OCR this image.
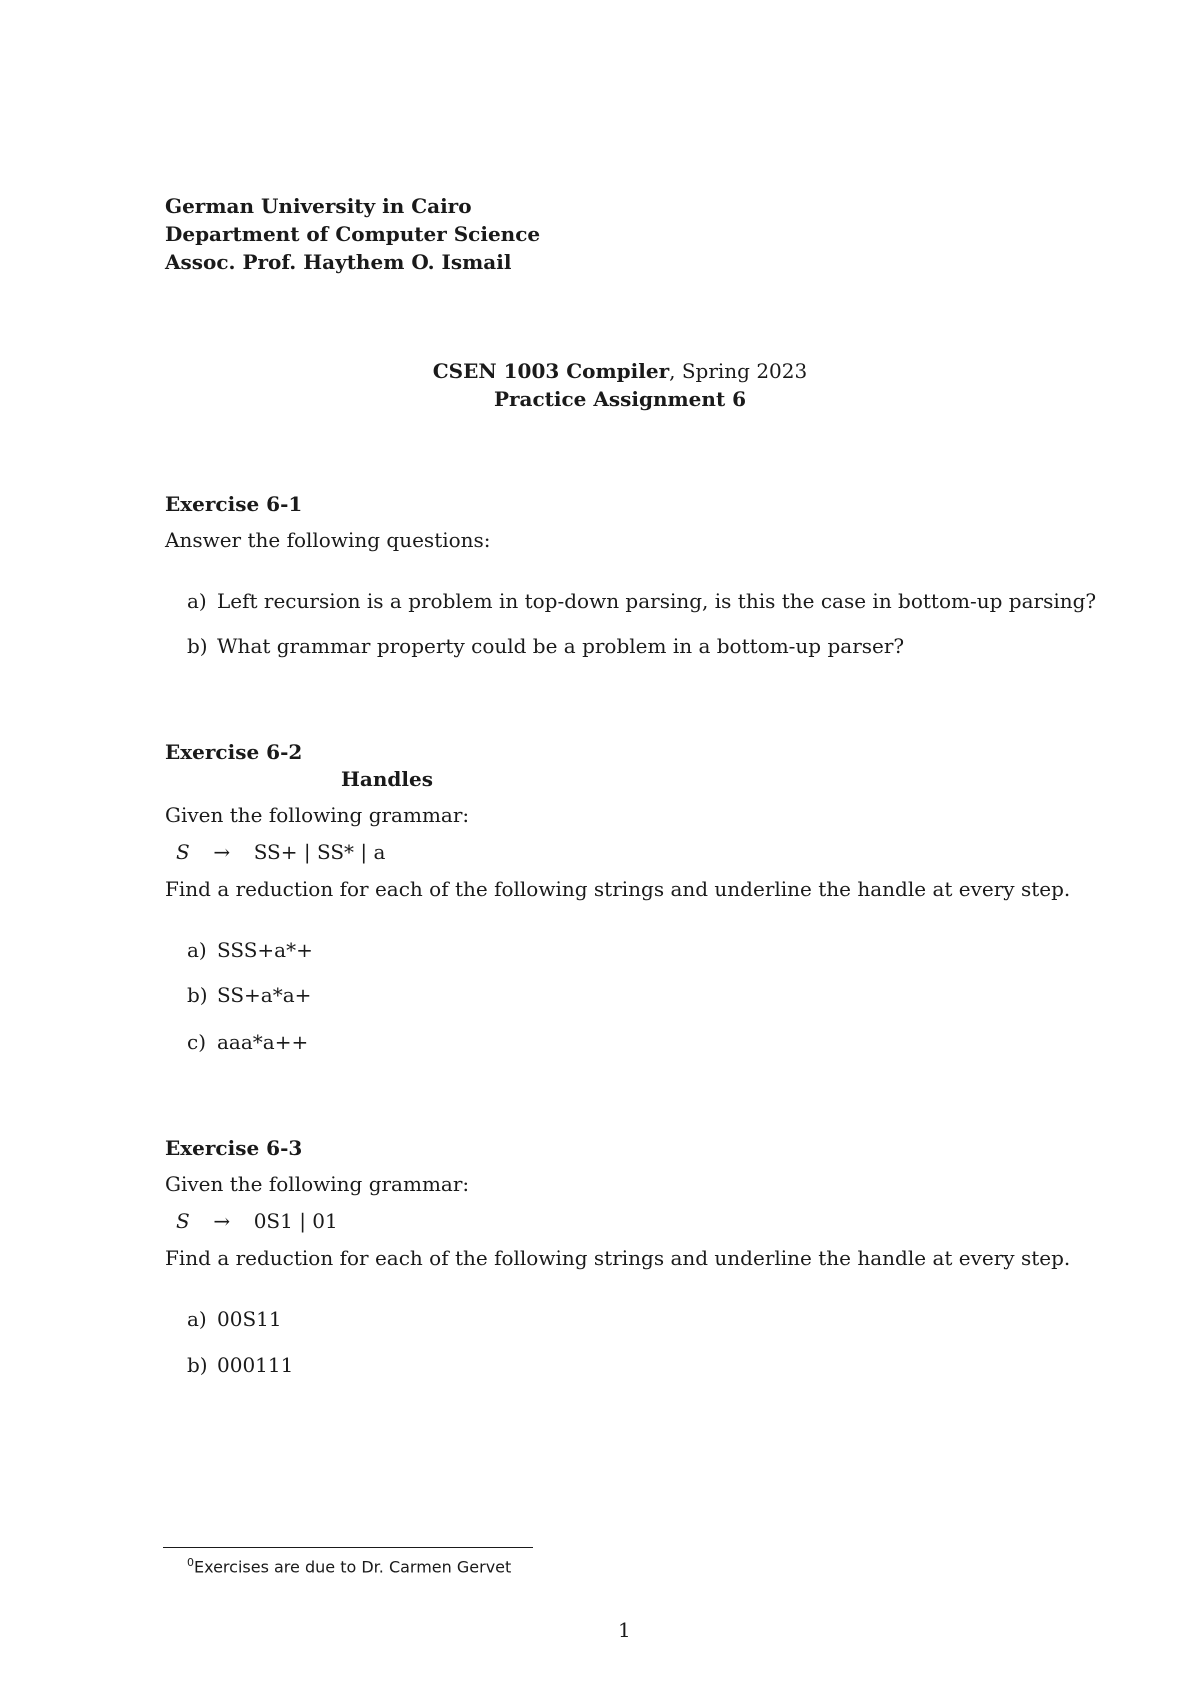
German University in Cairo
Department of Computer Science
Assoc. Prof. Haythem O. Ismail
CSEN 1003 Compiler, Spring 2023
Practice Assignment 6
Exercise 6-1
Answer the following questions:
a) Left recursion is a problem in top-down parsing, is this the case in bottom-up parsing?
b) What grammar property could be a problem in a bottom-up parser?
Exercise 6-2
Handles
Given the following grammar:
S → SS+ | SS* | a
Find a reduction for each of the following strings and underline the handle at every step.
a) SSS+a*+
b) SS+a*a+
c) aaa*a++
Exercise 6-3
Given the following grammar:
S → 0S1 | 01
Find a reduction for each of the following strings and underline the handle at every step.
a) 00S11
b) 000111
$^0$Exercises are due to Dr. Carmen Gervet
1
